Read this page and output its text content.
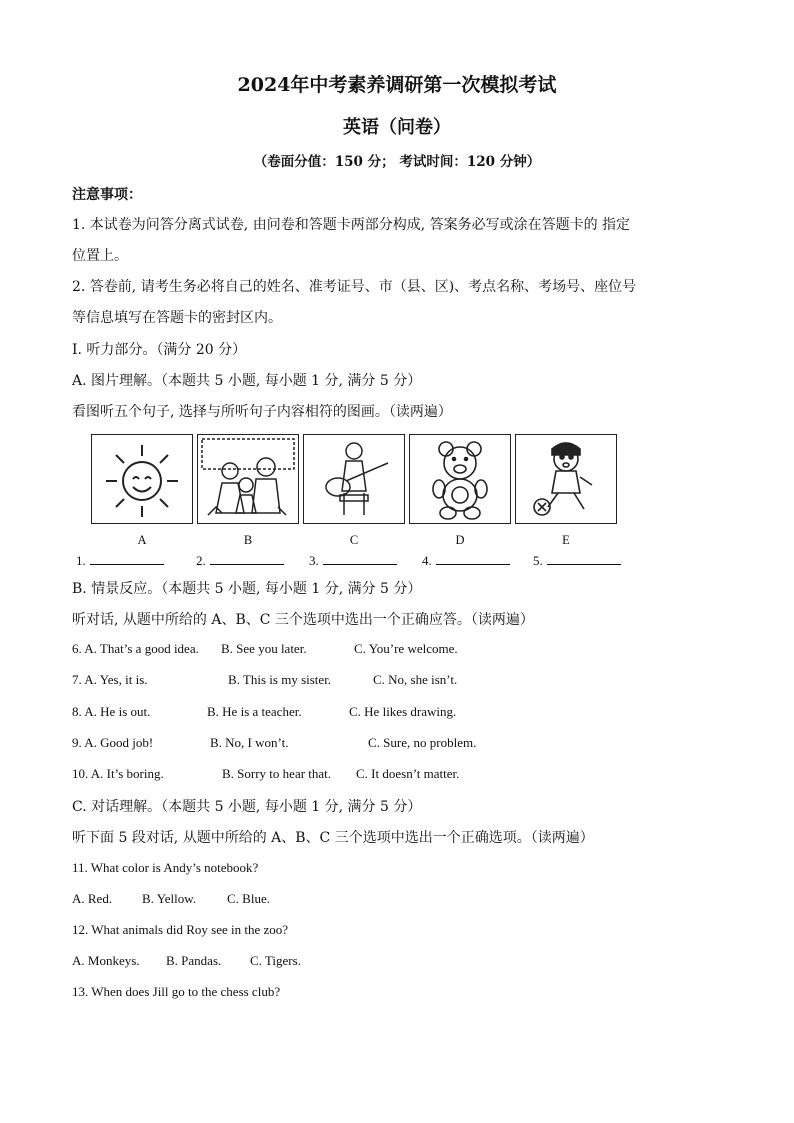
2024年中考素养调研第一次模拟考试
英语（问卷）
（卷面分值：150 分； 考试时间：120 分钟）
注意事项：
1. 本试卷为问答分离式试卷, 由问卷和答题卡两部分构成, 答案务必写或涂在答题卡的 指定
位置上。
2. 答卷前, 请考生务必将自己的姓名、准考证号、市（县、区)、考点名称、考场号、座位号
等信息填写在答题卡的密封区内。
I. 听力部分。（满分 20 分）
A. 图片理解。（本题共 5 小题, 每小题 1 分, 满分 5 分）
看图听五个句子, 选择与所听句子内容相符的图画。（读两遍）
A	B	C	D	E
1.	2.	3.	4.	5.
B. 情景反应。（本题共 5 小题, 每小题 1 分, 满分 5 分）
听对话, 从题中所给的 A、B、C 三个选项中选出一个正确应答。（读两遍）
6. A. That’s a good idea. B. See you later.	C. You’re welcome.
7. A. Yes, it is.	B. This is my sister.	C. No, she isn’t.
8. A. He is out.	B. He is a teacher.	C. He likes drawing.
9. A. Good job!	B. No, I won’t.	C. Sure, no problem.
10. A. It’s boring.	B. Sorry to hear that. C. It doesn’t matter.
C. 对话理解。（本题共 5 小题, 每小题 1 分, 满分 5 分）
听下面 5 段对话, 从题中所给的 A、B、C 三个选项中选出一个正确选项。（读两遍）
11. What color is Andy’s notebook?
A. Red. B. Yellow. C. Blue.
12. What animals did Roy see in the zoo?
A. Monkeys. B. Pandas. C. Tigers.
13. When does Jill go to the chess club?
